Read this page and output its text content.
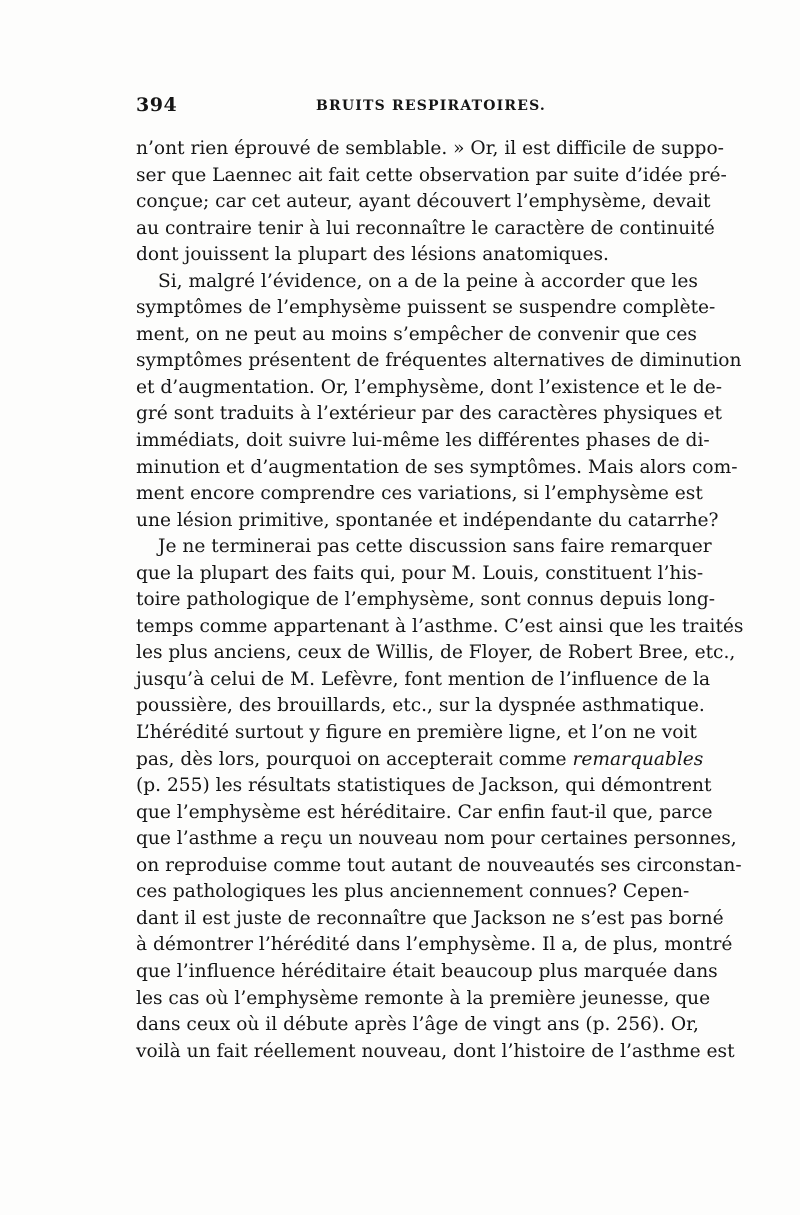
394	BRUITS RESPIRATOIRES.
n’ont rien éprouvé de semblable. » Or, il est difficile de suppo-
ser que Laennec ait fait cette observation par suite d’idée pré-
conçue; car cet auteur, ayant découvert l’emphysème, devait
au contraire tenir à lui reconnaître le caractère de continuité
dont jouissent la plupart des lésions anatomiques.
Si, malgré l’évidence, on a de la peine à accorder que les
symptômes de l’emphysème puissent se suspendre complète-
ment, on ne peut au moins s’empêcher de convenir que ces
symptômes présentent de fréquentes alternatives de diminution
et d’augmentation. Or, l’emphysème, dont l’existence et le de-
gré sont traduits à l’extérieur par des caractères physiques et
immédiats, doit suivre lui-même les différentes phases de di-
minution et d’augmentation de ses symptômes. Mais alors com-
ment encore comprendre ces variations, si l’emphysème est
une lésion primitive, spontanée et indépendante du catarrhe?
Je ne terminerai pas cette discussion sans faire remarquer
que la plupart des faits qui, pour M. Louis, constituent l’his-
toire pathologique de l’emphysème, sont connus depuis long-
temps comme appartenant à l’asthme. C’est ainsi que les traités
les plus anciens, ceux de Willis, de Floyer, de Robert Bree, etc.,
jusqu’à celui de M. Lefèvre, font mention de l’influence de la
poussière, des brouillards, etc., sur la dyspnée asthmatique.
L’hérédité surtout y figure en première ligne, et l’on ne voit
pas, dès lors, pourquoi on accepterait comme remarquables
(p. 255) les résultats statistiques de Jackson, qui démontrent
que l’emphysème est héréditaire. Car enfin faut-il que, parce
que l’asthme a reçu un nouveau nom pour certaines personnes,
on reproduise comme tout autant de nouveautés ses circonstan-
ces pathologiques les plus anciennement connues? Cepen-
dant il est juste de reconnaître que Jackson ne s’est pas borné
à démontrer l’hérédité dans l’emphysème. Il a, de plus, montré
que l’influence héréditaire était beaucoup plus marquée dans
les cas où l’emphysème remonte à la première jeunesse, que
dans ceux où il débute après l’âge de vingt ans (p. 256). Or,
voilà un fait réellement nouveau, dont l’histoire de l’asthme est
